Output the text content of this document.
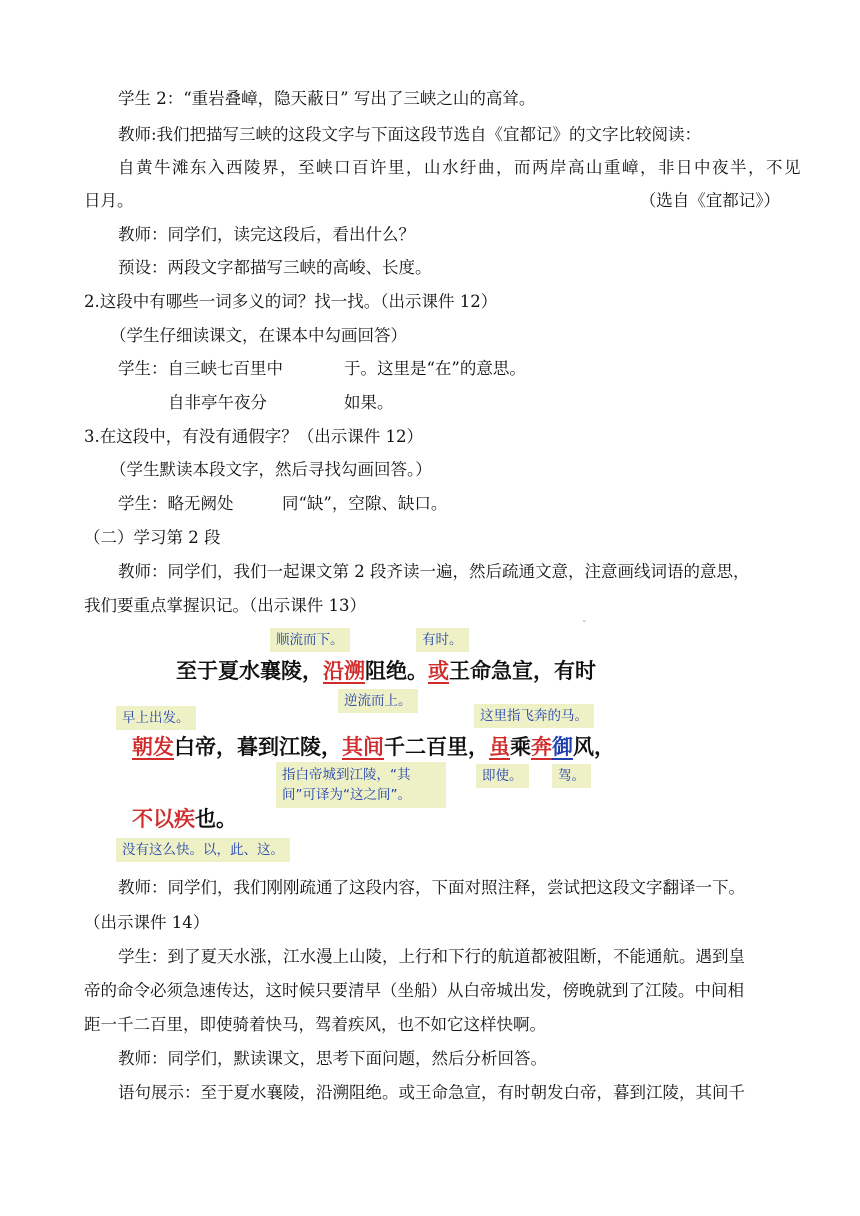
学生 2：“重岩叠嶂，隐天蔽日” 写出了三峡之山的高耸。
教师:我们把描写三峡的这段文字与下面这段节选自《宜都记》的文字比较阅读：
自黄牛滩东入西陵界，至峡口百许里，山水纡曲，而两岸高山重嶂，非日中夜半，不见
日月。	（选自《宜都记》）
教师：同学们，读完这段后，看出什么？
预设：两段文字都描写三峡的高峻、长度。
2.这段中有哪些一词多义的词？找一找。（出示课件 12）
（学生仔细读课文，在课本中勾画回答）
学生：自三峡七百里中	于。这里是“在”的意思。
自非亭午夜分	如果。
3.在这段中，有没有通假字？（出示课件 12）
（学生默读本段文字，然后寻找勾画回答。）
学生：略无阙处	同“缺”，空隙、缺口。
（二）学习第 2 段
教师：同学们，我们一起课文第 2 段齐读一遍，然后疏通文意，注意画线词语的意思，
我们要重点掌握识记。（出示课件 13）
ˇ
顺流而下。	有时。
至于夏水襄陵，沿溯阻绝。或王命急宣，有时
逆流而上。
早上出发。	这里指飞奔的马。
朝发白帝，暮到江陵，其间千二百里，虽乘奔御风，
指白帝城到江陵，“其间”可译为“这之间”。
即使。	驾。
不以疾也。
没有这么快。以，此、这。
教师：同学们，我们刚刚疏通了这段内容，下面对照注释，尝试把这段文字翻译一下。
（出示课件 14）
学生：到了夏天水涨，江水漫上山陵，上行和下行的航道都被阻断，不能通航。遇到皇
帝的命令必须急速传达，这时候只要清早（坐船）从白帝城出发，傍晚就到了江陵。中间相
距一千二百里，即使骑着快马，驾着疾风，也不如它这样快啊。
教师：同学们，默读课文，思考下面问题，然后分析回答。
语句展示：至于夏水襄陵，沿溯阻绝。或王命急宣，有时朝发白帝，暮到江陵，其间千
